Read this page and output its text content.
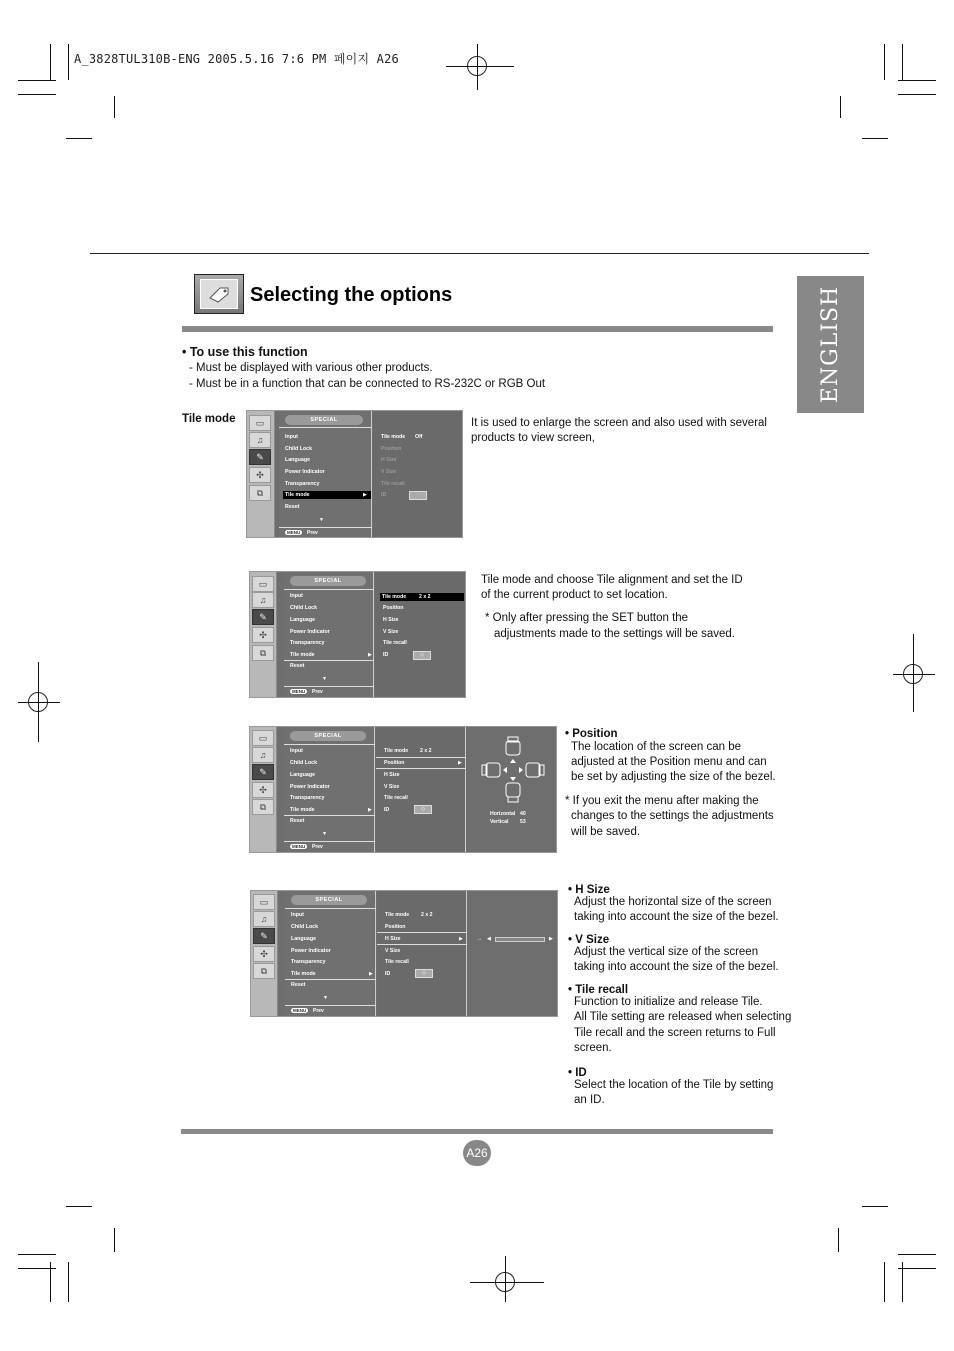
A_3828TUL310B-ENG 2005.5.16 7:6 PM 페이지 A26
ENGLISH
Selecting the options
• To use this function
- Must be displayed with various other products.
- Must be in a function that can be connected to RS-232C or RGB Out
Tile mode	▭
♫
✎
✣
⧉
SPECIAL
Input
Child Lock
Language
Power Indicator
Transparency
Tile mode	▶
Reset
▼
MENU	Prev
Tile mode Off
Position
H Size
V Size
Tile recall
ID
It is used to enlarge the screen and also used with several
products to view screen,
▭
♫
✎
✣
⧉
SPECIAL
Input
Child Lock
Language
Power Indicator
Transparency
Tile mode	▶
Reset
▼
MENU	Prev
Tile mode	2 x 2
Position
H Size
V Size
Tile recall
ID	◇
Tile mode and choose Tile alignment and set the ID
of the current product to set location.
* Only after pressing the SET button the
adjustments made to the settings will be saved.
▭
♫
✎
✣
⧉
SPECIAL
Input
Child Lock
Language
Power Indicator
Transparency
Tile mode	▶
Reset
▼
MENU	Prev
Tile mode 2 x 2
Position	▶
H Size
V Size
Tile recall
ID	◇
Horizontal 40
Vertical 53
• Position
The location of the screen can be
adjusted at the Position menu and can
be set by adjusting the size of the bezel.
* If you exit the menu after making the
changes to the settings the adjustments
will be saved.
▭
♫
✎
✣
⧉
SPECIAL
Input
Child Lock
Language
Power Indicator
Transparency
Tile mode	▶
Reset
▼
MENU	Prev
Tile mode 2 x 2
Position
H Size	▶
V Size
Tile recall
ID	◇
↔ ◀	▶
• H Size
Adjust the horizontal size of the screen
taking into account the size of the bezel.
• V Size
Adjust the vertical size of the screen
taking into account the size of the bezel.
• Tile recall
Function to initialize and release Tile.
All Tile setting are released when selecting
Tile recall and the screen returns to Full
screen.
• ID
Select the location of the Tile by setting
an ID.
A26
